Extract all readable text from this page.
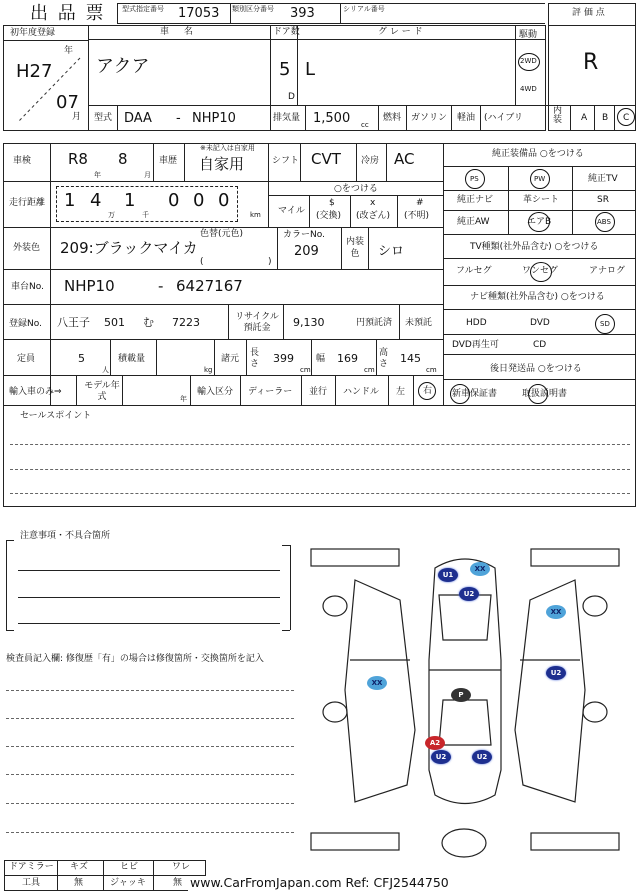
出 品 票 型式指定番号 17053 類別区分番号 393	シリアル番号	評 価 点
R
初年度登録
H27
年
07
月
車 名
アクア
ドア数
5
D
グ レ ー ド
L
駆動
2WD
4WD
型式 DAA - NHP10	排気量 1,500 cc
燃料 ガソリン 軽油 (ハイブリ
内装 A B C
車検 R8 8
年	月
車歴
※未記入は自家用
自家用	シフト CVT 冷房 AC
走行距離 1 4
万
1
千
0 0 0
km
○をつける
マイル
$
(交換)
x
(改ざん)
#
(不明)
外装色
色替(元色)
209:ブラックマイカ
(	)
カラーNo.
209
内装色	シロ
車台No. NHP10	- 6427167
登録No. 八王子 501 む 7223	リサイクル預託金	9,130	円預託済 未預託
定員	5
人
積載量
kg
諸元
長さ 399
cm
幅 169
cm
高さ 145
cm
輸入車のみ⇒
モデル年式	年
輸入区分 ディーラー 並行 ハンドル 左 右
セールスポイント
純正装備品 ○をつける
PS	PW	純正TV
純正ナビ	革シート	SR
純正AW	エアB	ABS
TV種類(社外品含む) ○をつける
フルセグ	ワンセグ	アナログ
ナビ種類(社外品含む) ○をつける
HDD	DVD	SD
DVD再生可	CD
後日発送品 ○をつける
新車保証書	取扱説明書
注意事項・不具合箇所
検査員記入欄: 修復歴「有」の場合は修復箇所・交換箇所を記入
U1
XX
U2
XX
XX
U2
P
A2
U2	U2
ドアミラー キズ	ヒビ	ワレ
工具	無	ジャッキ	無 www.CarFromJapan.com Ref: CFJ2544750
